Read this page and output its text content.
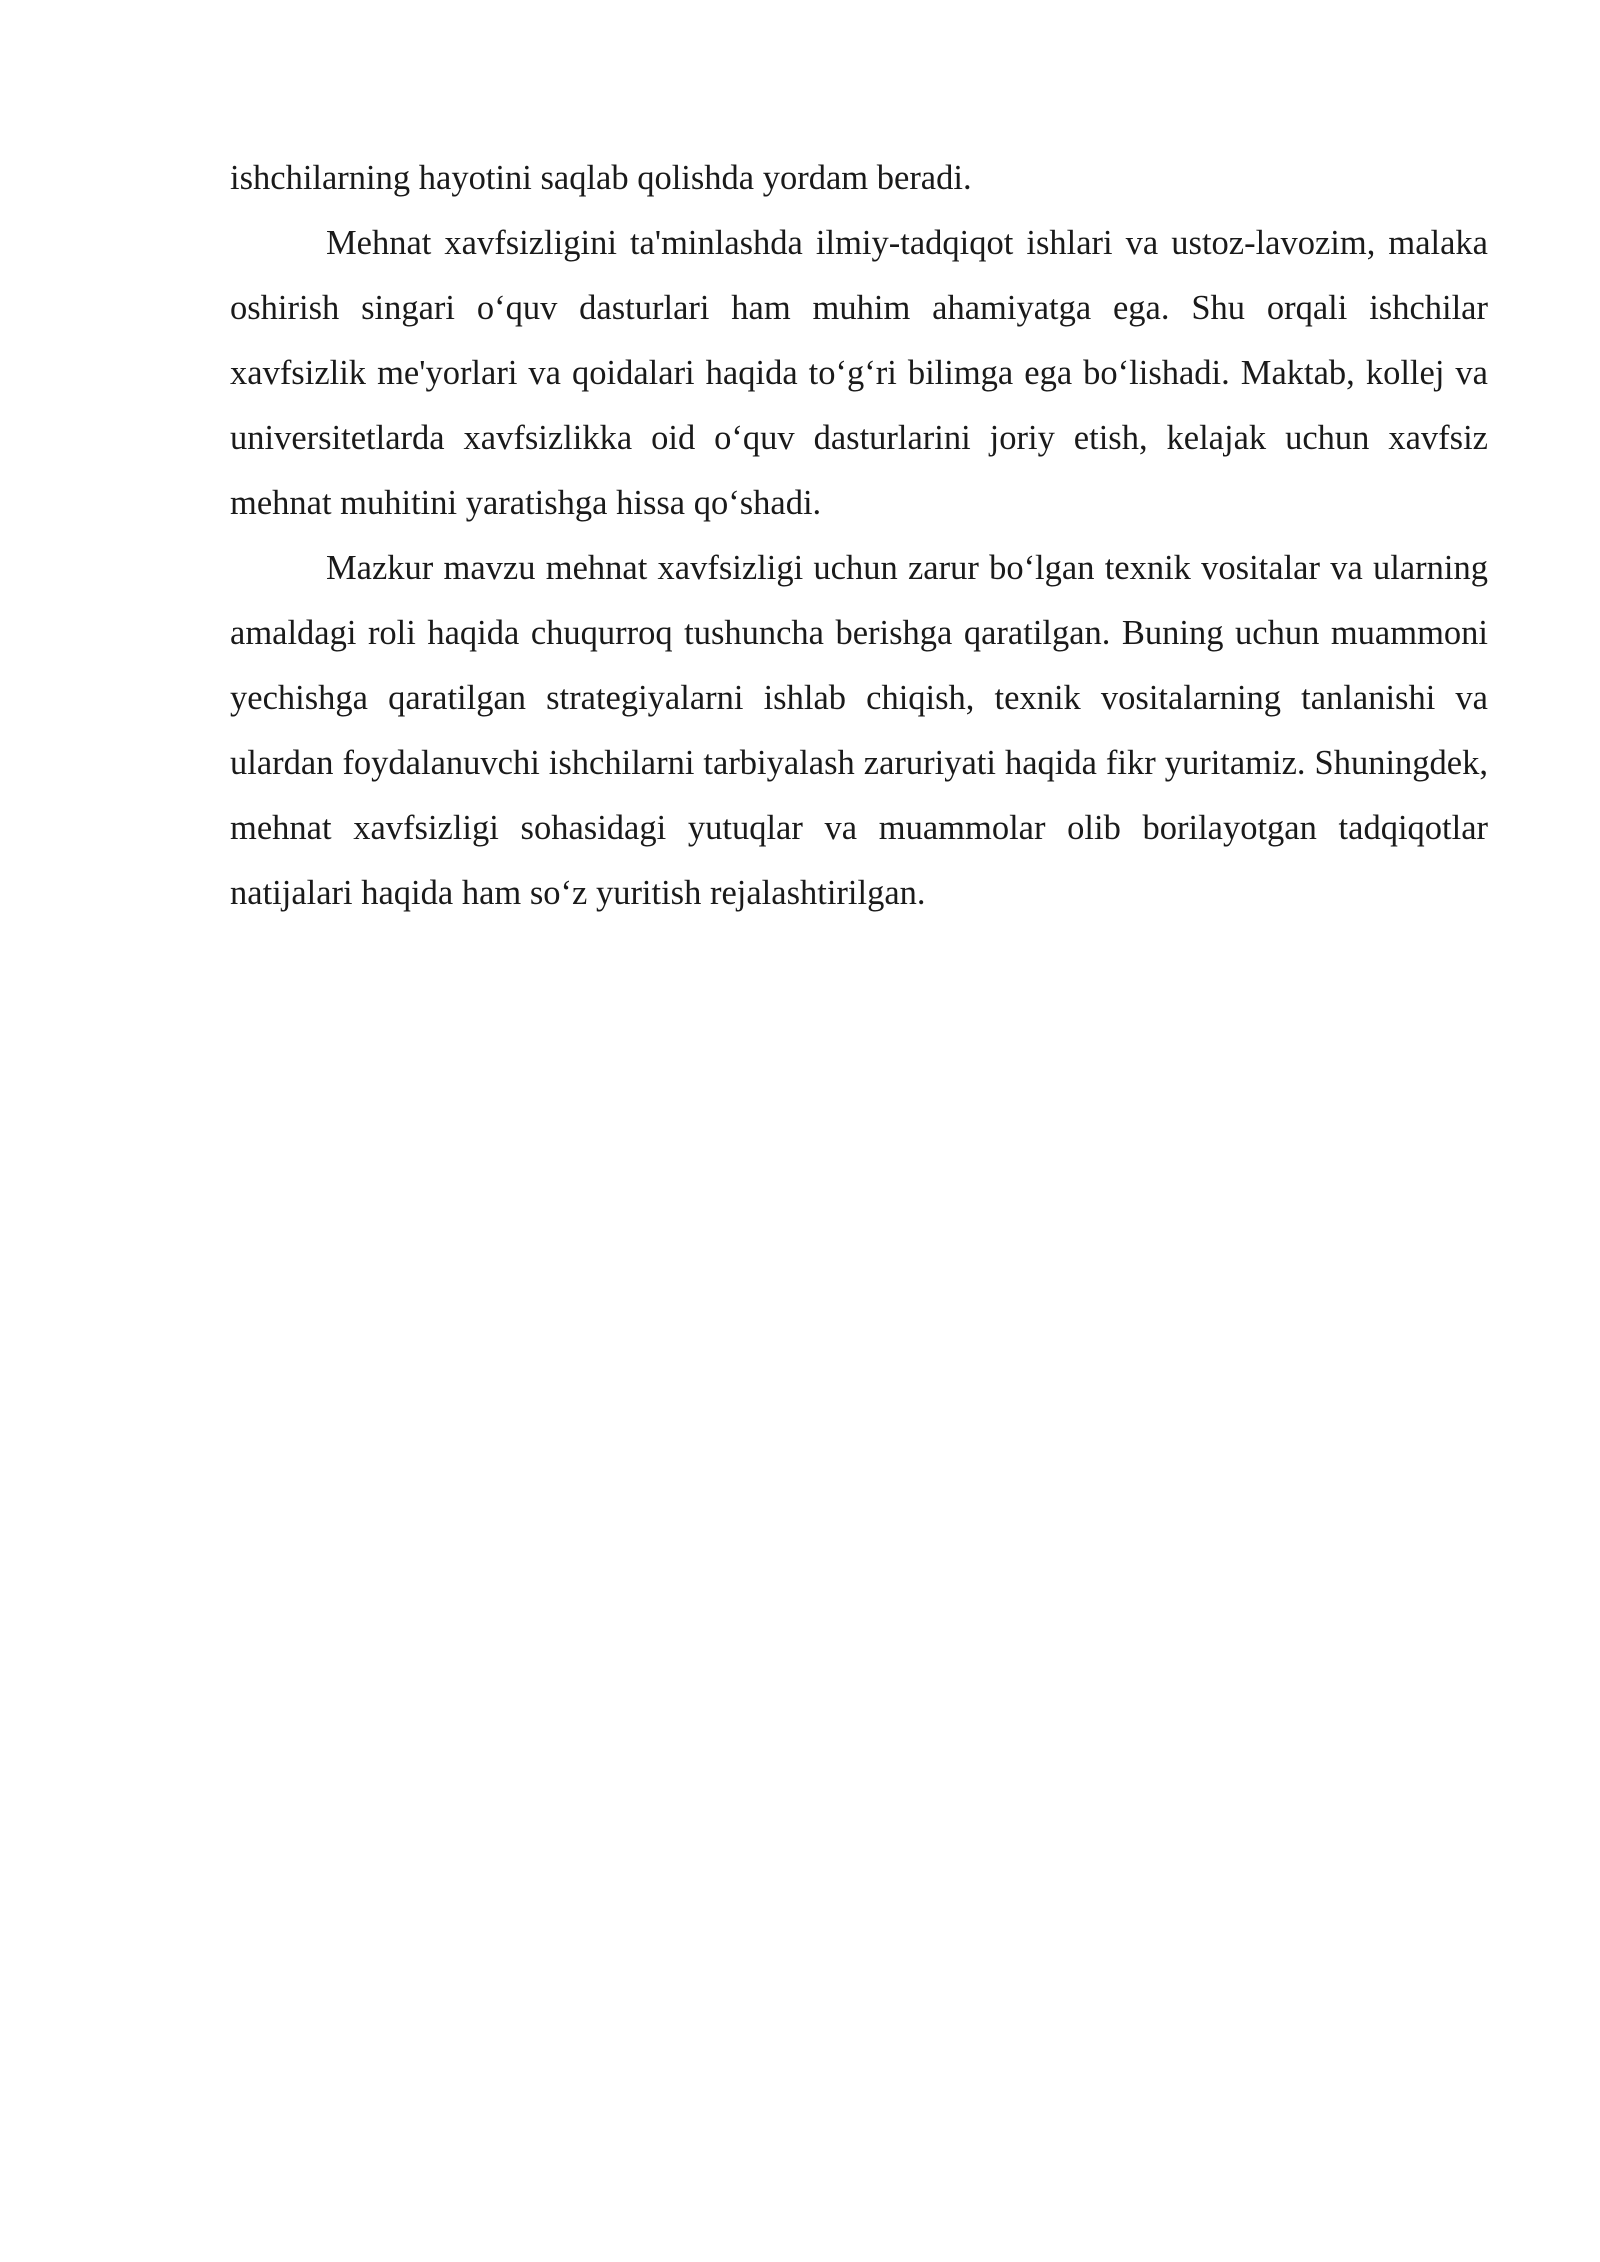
ishchilarning hayotini saqlab qolishda yordam beradi.

Mehnat xavfsizligini ta'minlashda ilmiy-tadqiqot ishlari va ustoz-lavozim, malaka oshirish singari o‘quv dasturlari ham muhim ahamiyatga ega. Shu orqali ishchilar xavfsizlik me'yorlari va qoidalari haqida to‘g‘ri bilimga ega bo‘lishadi. Maktab, kollej va universitetlarda xavfsizlikka oid o‘quv dasturlarini joriy etish, kelajak uchun xavfsiz mehnat muhitini yaratishga hissa qo‘shadi.

Mazkur mavzu mehnat xavfsizligi uchun zarur bo‘lgan texnik vositalar va ularning amaldagi roli haqida chuqurroq tushuncha berishga qaratilgan. Buning uchun muammoni yechishga qaratilgan strategiyalarni ishlab chiqish, texnik vositalarning tanlanishi va ulardan foydalanuvchi ishchilarni tarbiyalash zaruriyati haqida fikr yuritamiz. Shuningdek, mehnat xavfsizligi sohasidagi yutuqlar va muammolar olib borilayotgan tadqiqotlar natijalari haqida ham so‘z yuritish rejalashtirilgan.
